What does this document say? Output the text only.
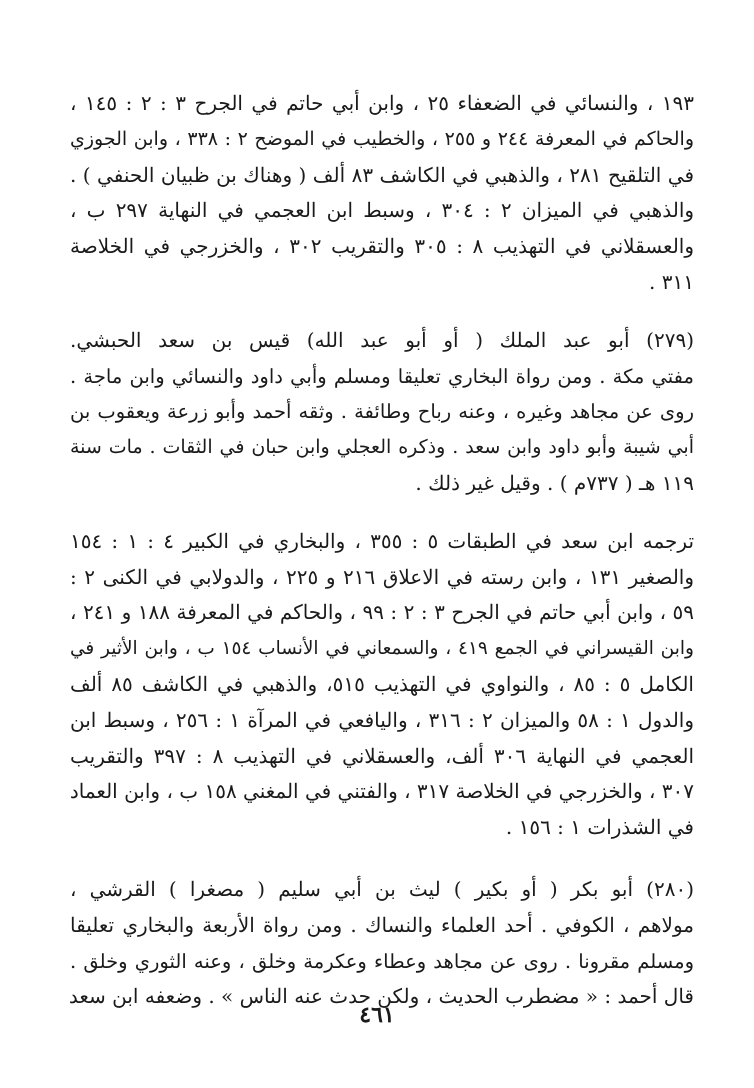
١٩٣ ، والنسائي في الضعفاء ٢٥ ، وابن أبي حاتم في الجرح ٣ : ٢ : ١٤٥ ،
والحاكم في المعرفة ٢٤٤ و ٢٥٥ ، والخطيب في الموضح ٢ : ٣٣٨ ، وابن الجوزي
في التلقيح ٢٨١ ، والذهبي في الكاشف ٨٣ ألف ( وهناك بن ظبيان الحنفي ) .
والذهبي في الميزان ٢ : ٣٠٤ ، وسبط ابن العجمي في النهاية ٢٩٧ ب ،
والعسقلاني في التهذيب ٨ : ٣٠٥ والتقريب ٣٠٢ ، والخزرجي في الخلاصة
٣١١ .
(٢٧٩) أبو عبد الملك ( أو أبو عبد الله) قيس بن سعد الحبشي.
مفتي مكة . ومن رواة البخاري تعليقا ومسلم وأبي داود والنسائي وابن ماجة .
روى عن مجاهد وغيره ، وعنه رباح وطائفة . وثقه أحمد وأبو زرعة ويعقوب بن
أبي شيبة وأبو داود وابن سعد . وذكره العجلي وابن حبان في الثقات . مات سنة
١١٩ هـ ( ٧٣٧م ) . وقيل غير ذلك .
ترجمه ابن سعد في الطبقات ٥ : ٣٥٥ ، والبخاري في الكبير ٤ : ١ : ١٥٤
والصغير ١٣١ ، وابن رسته في الاعلاق ٢١٦ و ٢٢٥ ، والدولابي في الكنى ٢ :
٥٩ ، وابن أبي حاتم في الجرح ٣ : ٢ : ٩٩ ، والحاكم في المعرفة ١٨٨ و ٢٤١ ،
وابن القيسراني في الجمع ٤١٩ ، والسمعاني في الأنساب ١٥٤ ب ، وابن الأثير في
الكامل ٥ : ٨٥ ، والنواوي في التهذيب ٥١٥، والذهبي في الكاشف ٨٥ ألف
والدول ١ : ٥٨ والميزان ٢ : ٣١٦ ، واليافعي في المرآة ١ : ٢٥٦ ، وسبط ابن
العجمي في النهاية ٣٠٦ ألف، والعسقلاني في التهذيب ٨ : ٣٩٧ والتقريب
٣٠٧ ، والخزرجي في الخلاصة ٣١٧ ، والفتني في المغني ١٥٨ ب ، وابن العماد
في الشذرات ١ : ١٥٦ .
(٢٨٠) أبو بكر ( أو بكير ) ليث بن أبي سليم ( مصغرا ) القرشي ،
مولاهم ، الكوفي . أحد العلماء والنساك . ومن رواة الأربعة والبخاري تعليقا
ومسلم مقرونا . روى عن مجاهد وعطاء وعكرمة وخلق ، وعنه الثوري وخلق .
قال أحمد : « مضطرب الحديث ، ولكن حدث عنه الناس » . وضعفه ابن سعد
٤٦١
